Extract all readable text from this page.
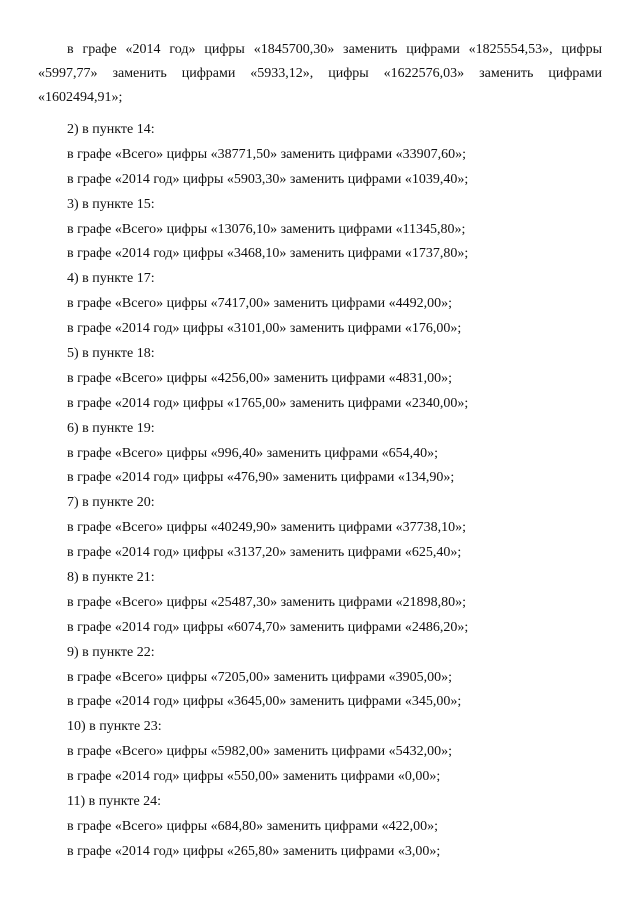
в графе «2014 год» цифры «1845700,30» заменить цифрами «1825554,53», цифры «5997,77» заменить цифрами «5933,12», цифры «1622576,03» заменить цифрами
«1602494,91»;
2) в пункте 14:
в графе «Всего» цифры «38771,50» заменить цифрами «33907,60»;
в графе «2014 год» цифры «5903,30» заменить цифрами «1039,40»;
3) в пункте 15:
в графе «Всего» цифры «13076,10» заменить цифрами «11345,80»;
в графе «2014 год» цифры «3468,10» заменить цифрами «1737,80»;
4) в пункте 17:
в графе «Всего» цифры «7417,00» заменить цифрами «4492,00»;
в графе «2014 год» цифры «3101,00» заменить цифрами «176,00»;
5) в пункте 18:
в графе «Всего» цифры «4256,00» заменить цифрами «4831,00»;
в графе «2014 год» цифры «1765,00» заменить цифрами «2340,00»;
6) в пункте 19:
в графе «Всего» цифры «996,40» заменить цифрами «654,40»;
в графе «2014 год» цифры «476,90» заменить цифрами «134,90»;
7) в пункте 20:
в графе «Всего» цифры «40249,90» заменить цифрами «37738,10»;
в графе «2014 год» цифры «3137,20» заменить цифрами «625,40»;
8) в пункте 21:
в графе «Всего» цифры «25487,30» заменить цифрами «21898,80»;
в графе «2014 год» цифры «6074,70» заменить цифрами «2486,20»;
9) в пункте 22:
в графе «Всего» цифры «7205,00» заменить цифрами «3905,00»;
в графе «2014 год» цифры «3645,00» заменить цифрами «345,00»;
10) в пункте 23:
в графе «Всего» цифры «5982,00» заменить цифрами «5432,00»;
в графе «2014 год» цифры «550,00» заменить цифрами «0,00»;
11) в пункте 24:
в графе «Всего» цифры «684,80» заменить цифрами «422,00»;
в графе «2014 год» цифры «265,80» заменить цифрами «3,00»;
